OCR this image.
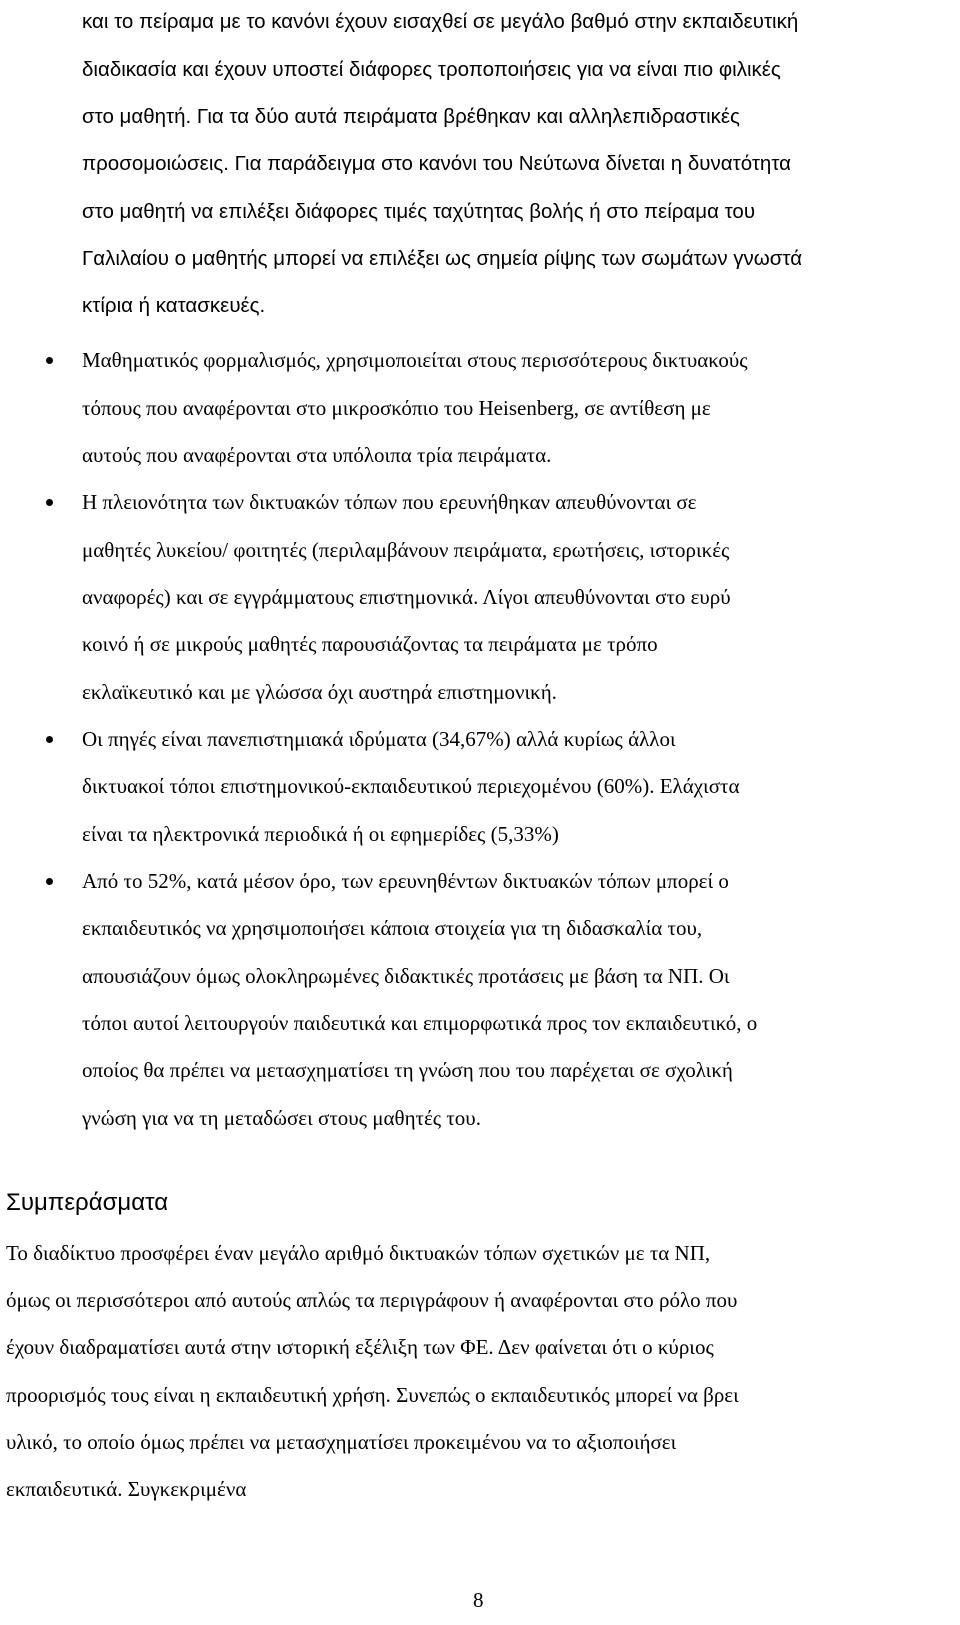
και το πείραμα με το κανόνι έχουν εισαχθεί σε μεγάλο βαθμό στην εκπαιδευτική
διαδικασία και έχουν υποστεί διάφορες τροποποιήσεις για να είναι πιο φιλικές
στο μαθητή. Για τα δύο αυτά πειράματα βρέθηκαν και αλληλεπιδραστικές
προσομοιώσεις. Για παράδειγμα στο κανόνι του Νεύτωνα δίνεται η δυνατότητα
στο μαθητή να επιλέξει διάφορες τιμές ταχύτητας βολής ή στο πείραμα του
Γαλιλαίου ο μαθητής μπορεί να επιλέξει ως σημεία ρίψης των σωμάτων γνωστά
κτίρια ή κατασκευές.
Μαθηματικός φορμαλισμός, χρησιμοποιείται στους περισσότερους δικτυακούς
τόπους που αναφέρονται στο μικροσκόπιο του Heisenberg, σε αντίθεση με
αυτούς που αναφέρονται στα υπόλοιπα τρία πειράματα.
Η πλειονότητα των δικτυακών τόπων που ερευνήθηκαν απευθύνονται σε
μαθητές λυκείου/ φοιτητές (περιλαμβάνουν πειράματα, ερωτήσεις, ιστορικές
αναφορές) και σε εγγράμματους επιστημονικά. Λίγοι απευθύνονται στο ευρύ
κοινό ή σε μικρούς μαθητές παρουσιάζοντας τα πειράματα με τρόπο
εκλαϊκευτικό και με γλώσσα όχι αυστηρά επιστημονική.
Οι πηγές είναι πανεπιστημιακά ιδρύματα (34,67%) αλλά κυρίως άλλοι
δικτυακοί τόποι επιστημονικού-εκπαιδευτικού περιεχομένου (60%). Ελάχιστα
είναι τα ηλεκτρονικά περιοδικά ή οι εφημερίδες (5,33%)
Από το 52%, κατά μέσον όρο, των ερευνηθέντων δικτυακών τόπων μπορεί ο
εκπαιδευτικός να χρησιμοποιήσει κάποια στοιχεία για τη διδασκαλία του,
απουσιάζουν όμως ολοκληρωμένες διδακτικές προτάσεις με βάση τα ΝΠ. Οι
τόποι αυτοί λειτουργούν παιδευτικά και επιμορφωτικά προς τον εκπαιδευτικό, ο
οποίος θα πρέπει να μετασχηματίσει τη γνώση που του παρέχεται σε σχολική
γνώση για να τη μεταδώσει στους μαθητές του.
Συμπεράσματα
Το διαδίκτυο προσφέρει έναν μεγάλο αριθμό δικτυακών τόπων σχετικών με τα ΝΠ,
όμως οι περισσότεροι από αυτούς απλώς τα περιγράφουν ή αναφέρονται στο ρόλο που
έχουν διαδραματίσει αυτά στην ιστορική εξέλιξη των ΦΕ. Δεν φαίνεται ότι ο κύριος
προορισμός τους είναι η εκπαιδευτική χρήση. Συνεπώς ο εκπαιδευτικός μπορεί να βρει
υλικό, το οποίο όμως πρέπει να μετασχηματίσει προκειμένου να το αξιοποιήσει
εκπαιδευτικά. Συγκεκριμένα
8
